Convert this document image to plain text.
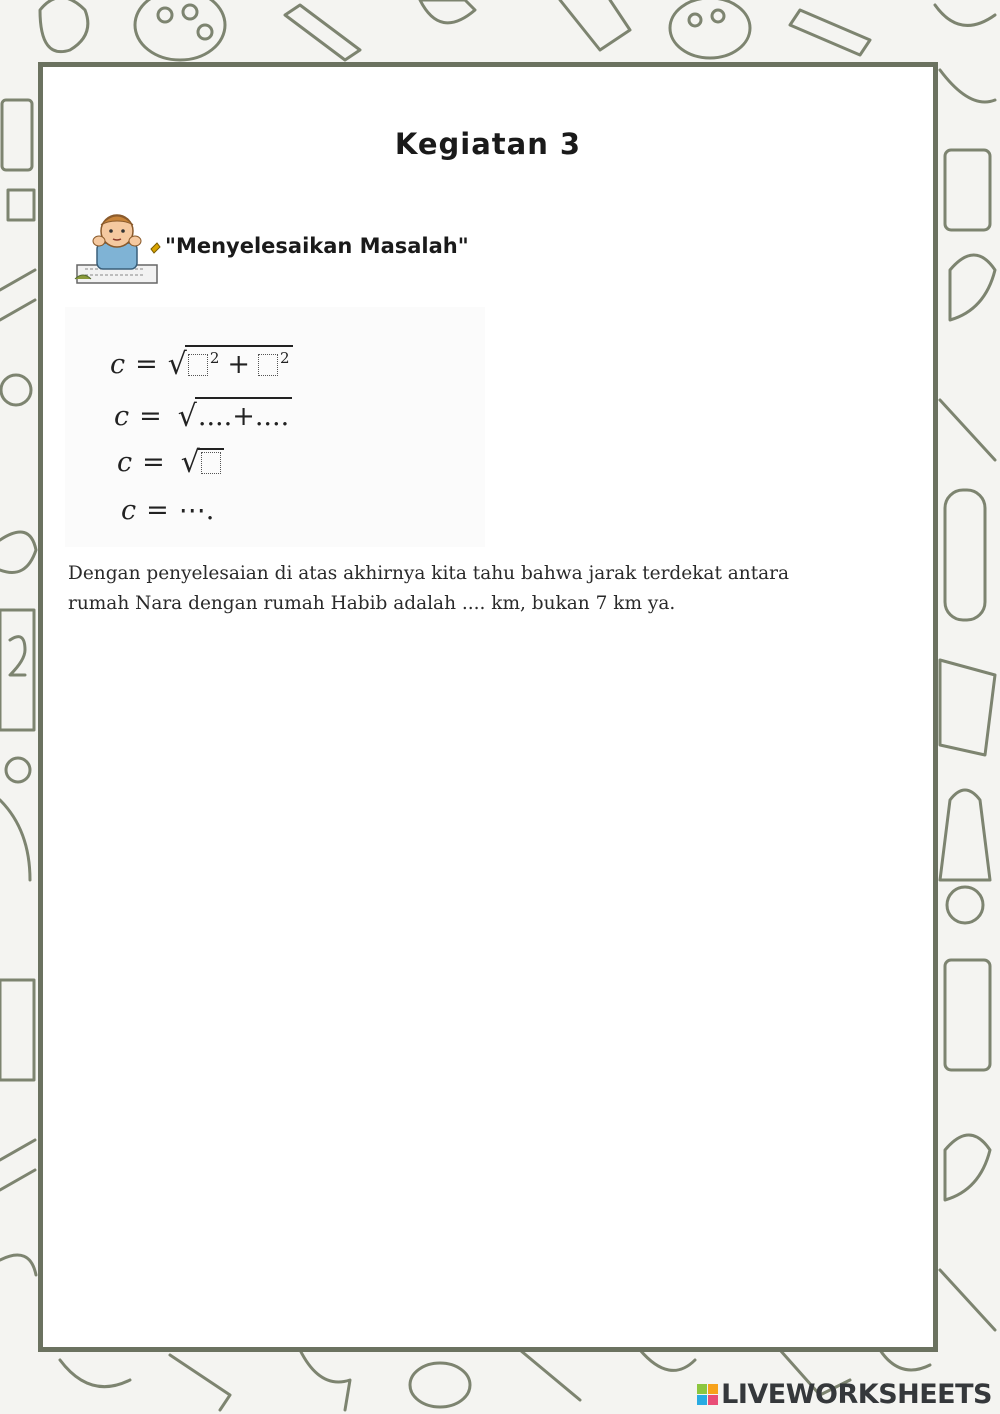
Kegiatan 3
"Menyelesaikan Masalah"
c = √ 2 + 2
c = √ ....+....
c = √
c = ⋯.
Dengan penyelesaian di atas akhirnya kita tahu bahwa jarak terdekat antara rumah Nara dengan rumah Habib adalah .... km, bukan 7 km ya.
LIVEWORKSHEETS
